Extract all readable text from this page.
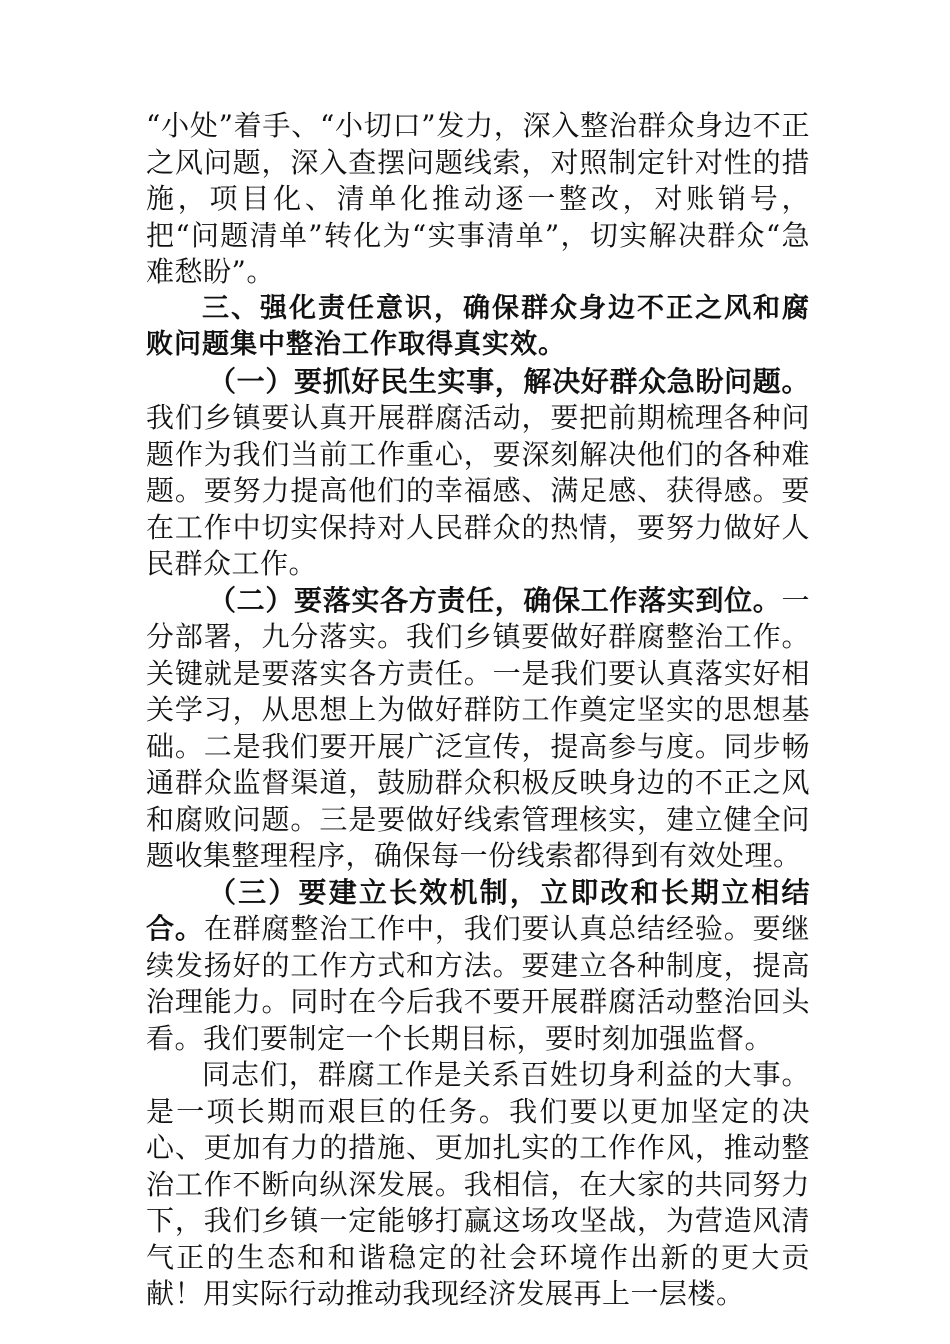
“小处”着手、“小切口”发力，深入整治群众身边不正之风问题，深入查摆问题线索，对照制定针对性的措施，项目化、清单化推动逐一整改，对账销号，把“问题清单”转化为“实事清单”，切实解决群众“急难愁盼”。

三、强化责任意识，确保群众身边不正之风和腐败问题集中整治工作取得真实效。

（一）要抓好民生实事，解决好群众急盼问题。我们乡镇要认真开展群腐活动，要把前期梳理各种问题作为我们当前工作重心，要深刻解决他们的各种难题。要努力提高他们的幸福感、满足感、获得感。要在工作中切实保持对人民群众的热情，要努力做好人民群众工作。

（二）要落实各方责任，确保工作落实到位。一分部署，九分落实。我们乡镇要做好群腐整治工作。关键就是要落实各方责任。一是我们要认真落实好相关学习，从思想上为做好群防工作奠定坚实的思想基础。二是我们要开展广泛宣传，提高参与度。同步畅通群众监督渠道，鼓励群众积极反映身边的不正之风和腐败问题。三是要做好线索管理核实，建立健全问题收集整理程序，确保每一份线索都得到有效处理。

（三）要建立长效机制，立即改和长期立相结合。在群腐整治工作中，我们要认真总结经验。要继续发扬好的工作方式和方法。要建立各种制度，提高治理能力。同时在今后我不要开展群腐活动整治回头看。我们要制定一个长期目标，要时刻加强监督。

同志们，群腐工作是关系百姓切身利益的大事。是一项长期而艰巨的任务。我们要以更加坚定的决心、更加有力的措施、更加扎实的工作作风，推动整治工作不断向纵深发展。我相信，在大家的共同努力下，我们乡镇一定能够打赢这场攻坚战，为营造风清气正的生态和和谐稳定的社会环境作出新的更大贡献！用实际行动推动我现经济发展再上一层楼。
